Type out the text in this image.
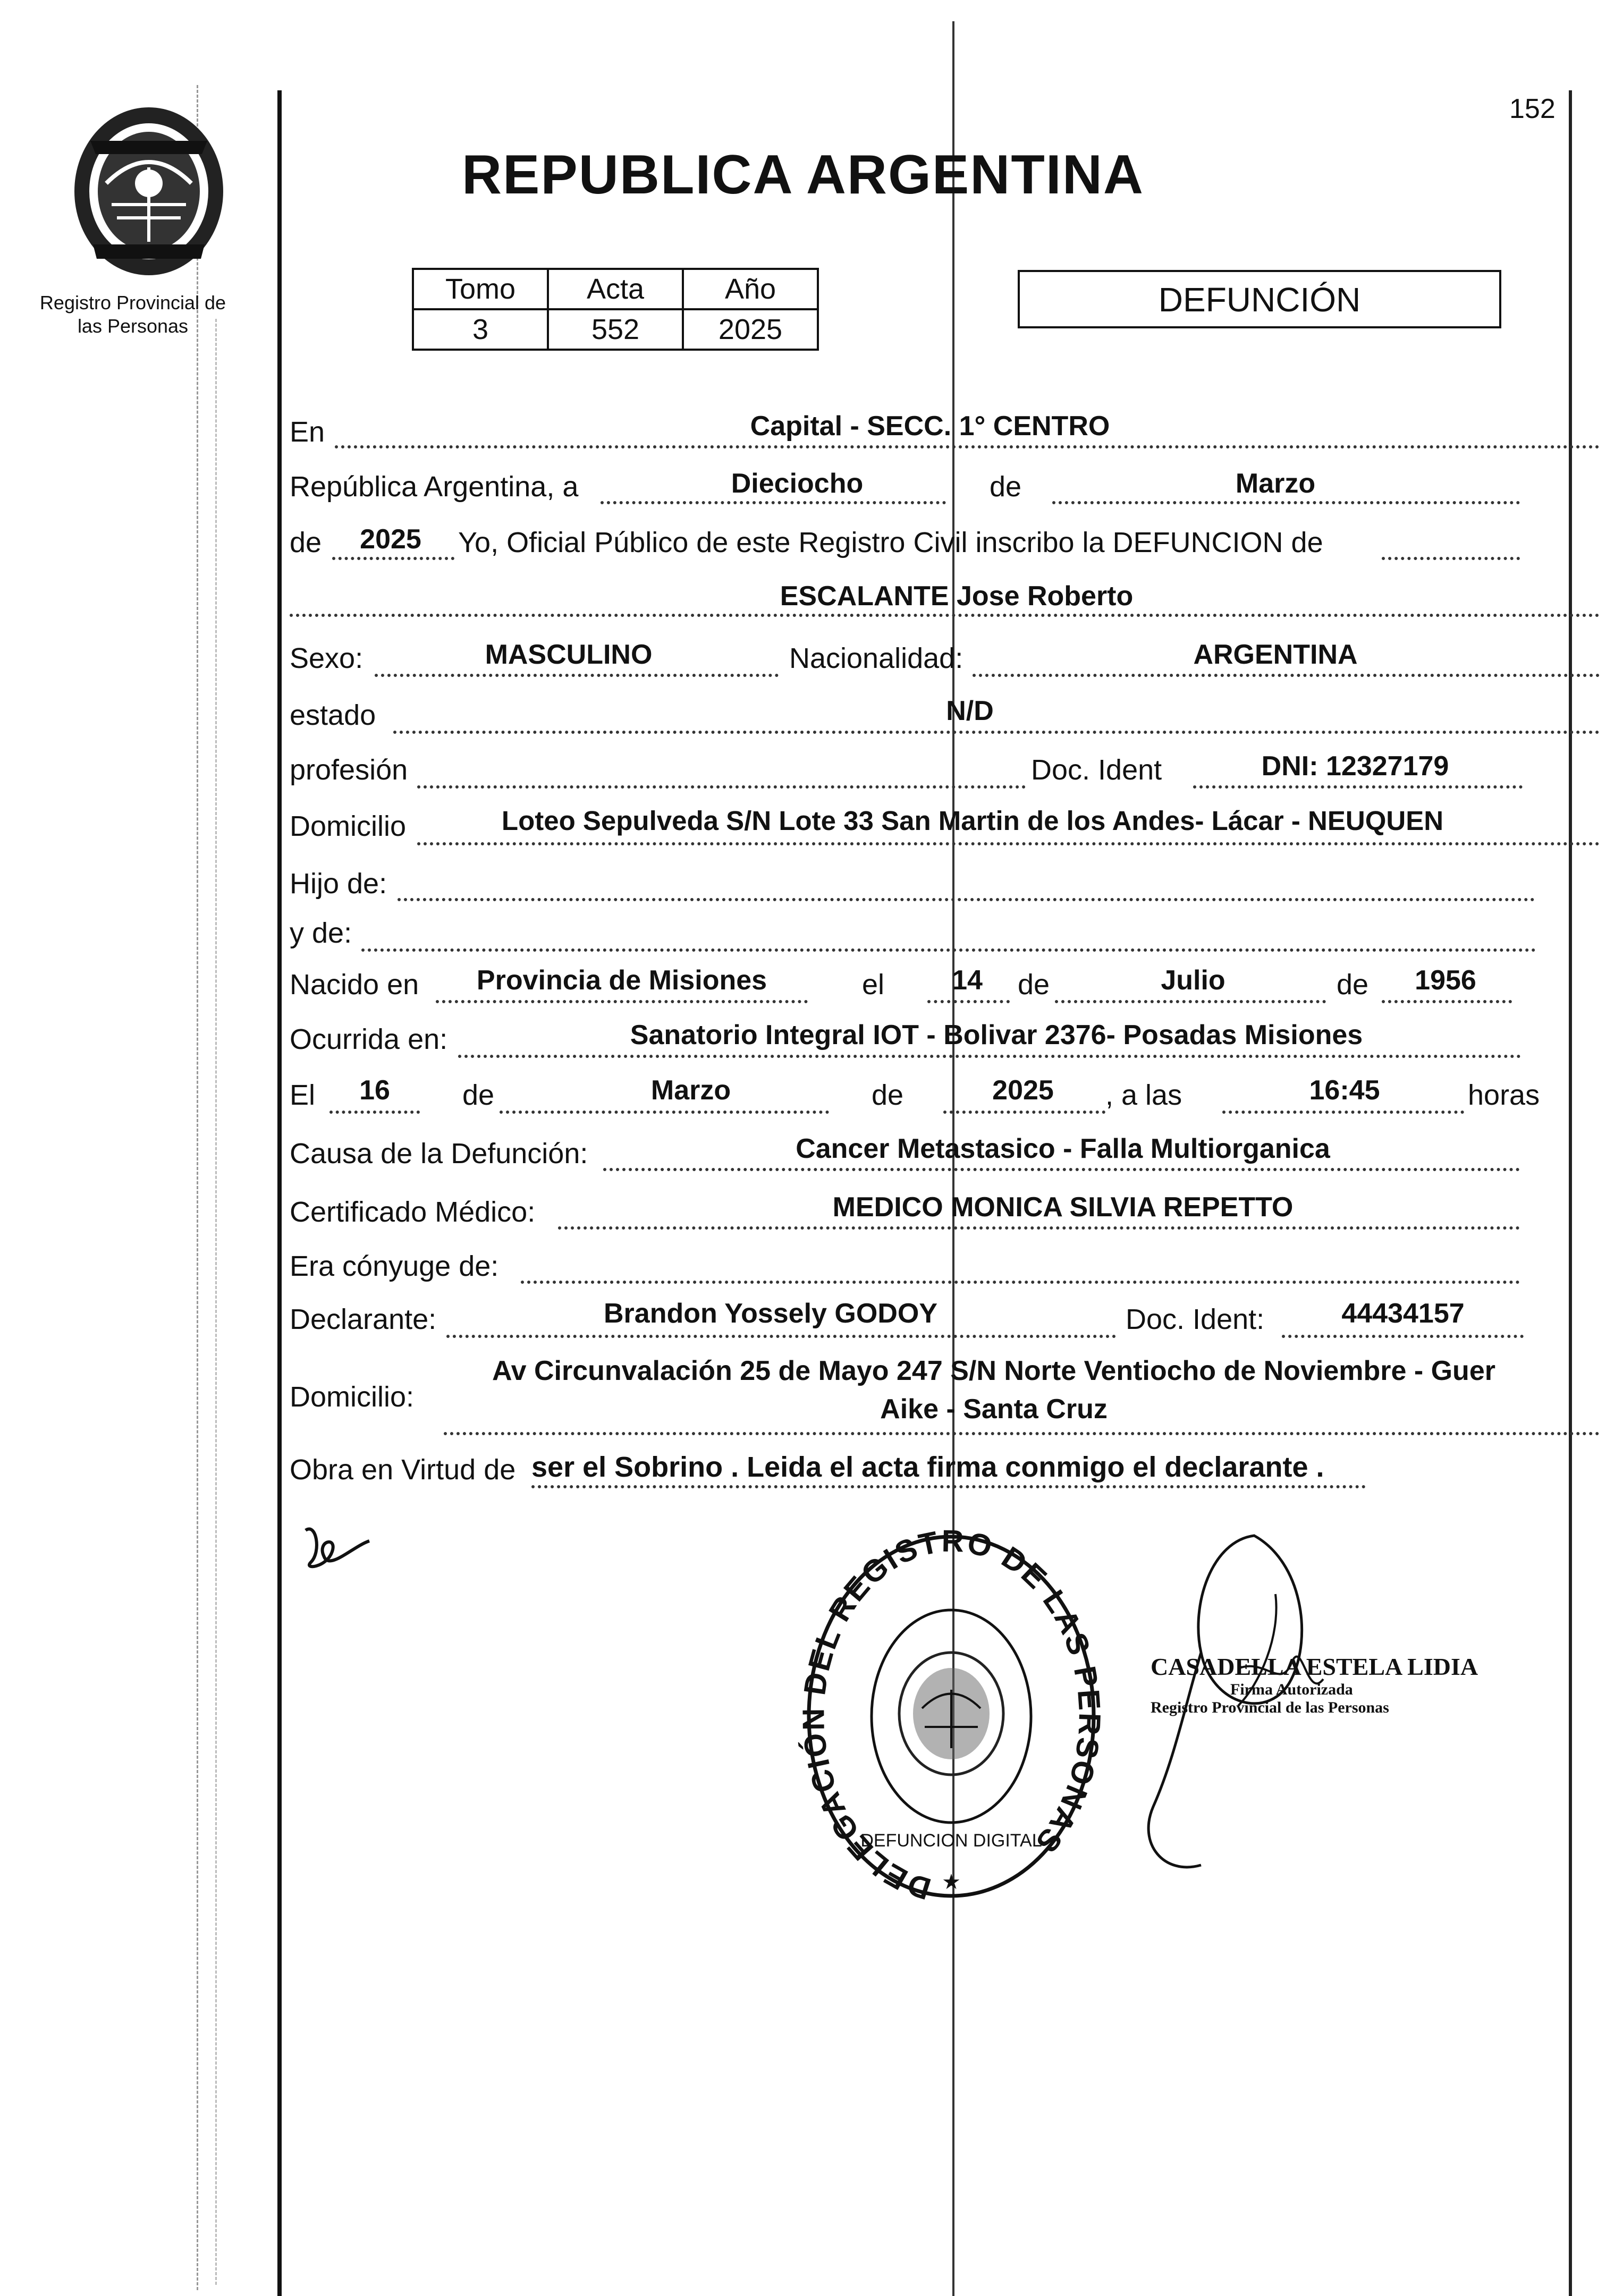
152
Registro Provincial de las Personas
REPUBLICA ARGENTINA
Tomo	Acta	Año
3	552	2025
DEFUNCIÓN
En	Capital - SECC. 1° CENTRO
República Argentina, a	Dieciocho	de	Marzo
de	2025	Yo, Oficial Público de este Registro Civil inscribo la DEFUNCION de
ESCALANTE Jose Roberto
Sexo:	MASCULINO	Nacionalidad:	ARGENTINA
estado	N/D
profesión	Doc. Ident	DNI: 12327179
Domicilio	Loteo Sepulveda S/N Lote 33 San Martin de los Andes- Lácar - NEUQUEN
Hijo de:
y de:
Nacido en	Provincia de Misiones	el	14	de	Julio	de	1956
Ocurrida en:	Sanatorio Integral IOT - Bolivar 2376- Posadas Misiones
El	16	de	Marzo	de	2025	, a las	16:45	horas
Causa de la Defunción:	Cancer Metastasico - Falla Multiorganica
Certificado Médico:	MEDICO MONICA SILVIA REPETTO
Era cónyuge de:
Declarante:	Brandon Yossely GODOY	Doc. Ident:	44434157
Domicilio:
Av Circunvalación 25 de Mayo 247 S/N Norte Ventiocho de Noviembre - Guer
Aike - Santa Cruz
Obra en Virtud de ser el Sobrino . Leida el acta firma conmigo el declarante .
DELEGACIÓN DEL REGISTRO DE LAS PERSONAS
DEFUNCION DIGITAL
★
CASADELLA ESTELA LIDIA
Firma Autorizada
Registro Provincial de las Personas
